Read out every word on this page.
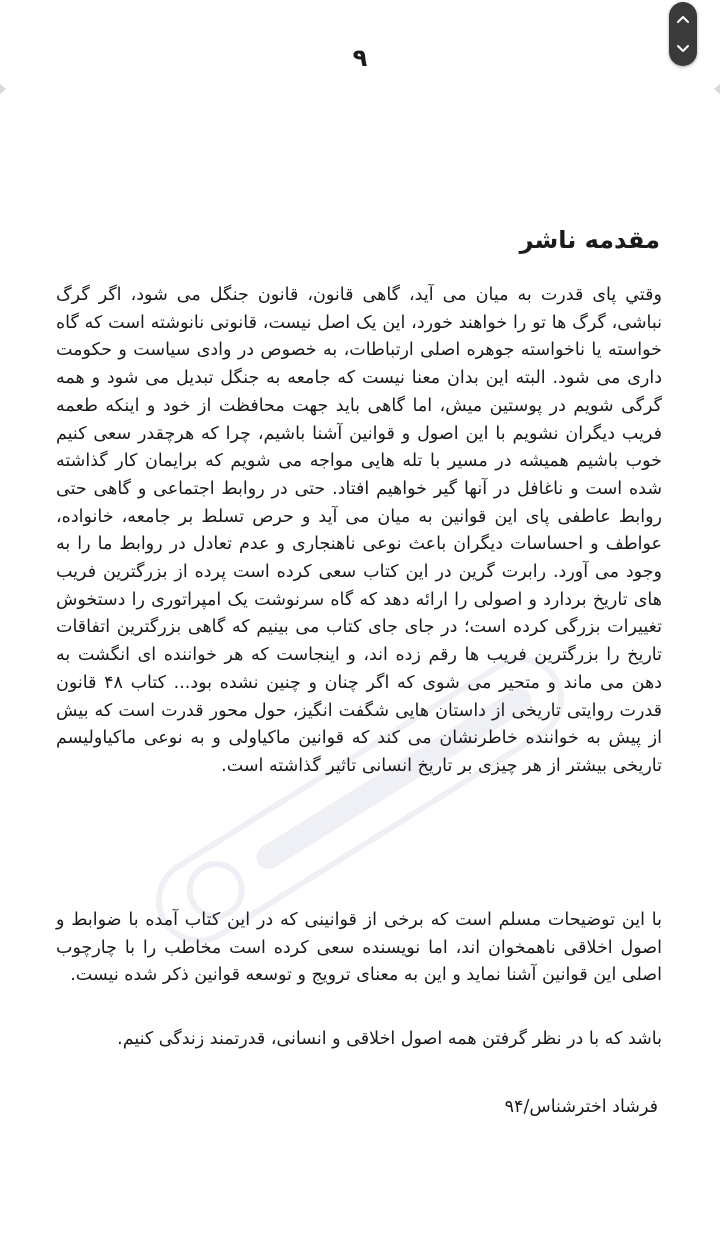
۹
مقدمه ناشر

وقتي پاى قدرت به ميان مى آيد، گاهى قانون، قانون جنگل مى شود، اگر گرگ نباشى، گرگ ها تو را خواهند خورد، اين يک اصل نيست، قانونى نانوشته است كه گاه خواسته يا ناخواسته جوهره اصلى ارتباطات، به خصوص در وادى سياست و حكومت دارى مى شود. البته اين بدان معنا نيست كه جامعه به جنگل تبديل مى شود و همه گرگى شويم در پوستين ميش، اما گاهى بايد جهت محافظت از خود و اينكه طعمه فريب ديگران نشويم با اين اصول و قوانين آشنا باشيم، چرا كه هرچقدر سعى كنيم خوب باشيم هميشه در مسير با تله هايى مواجه مى شويم كه برايمان كار گذاشته شده است و ناغافل در آنها گير خواهيم افتاد. حتى در روابط اجتماعى و گاهى حتى روابط عاطفى پاى اين قوانين به ميان مى آيد و حرص تسلط بر جامعه، خانواده، عواطف و احساسات ديگران باعث نوعى ناهنجارى و عدم تعادل در روابط ما را به وجود مى آورد. رابرت گرين در اين كتاب سعى كرده است پرده از بزرگترين فريب هاى تاريخ بردارد و اصولى را ارائه دهد كه گاه سرنوشت يک امپراتورى را دستخوش تغييرات بزرگى كرده است؛ در جاى جاى كتاب مى بينيم كه گاهى بزرگترين اتفاقات تاريخ را بزرگترين فريب ها رقم زده اند، و اينجاست كه هر خواننده اى انگشت به دهن مى ماند و متحير مى شوى كه اگر چنان و چنين نشده بود... كتاب ۴۸ قانون قدرت روايتى تاريخى از داستان هايى شگفت انگيز، حول محور قدرت است كه بيش از پيش به خواننده خاطرنشان مى كند كه قوانين ماكياولى و به نوعى ماكياوليسم تاريخى بيشتر از هر چيزى بر تاريخ انسانى تاثير گذاشته است.

با اين توضيحات مسلم است كه برخى از قوانينى كه در اين كتاب آمده با ضوابط و اصول اخلاقى ناهمخوان اند، اما نويسنده سعى كرده است مخاطب را با چارچوب اصلى اين قوانين آشنا نمايد و اين به معناى ترويج و توسعه قوانين ذكر شده نيست.

باشد كه با در نظر گرفتن همه اصول اخلاقى و انسانى، قدرتمند زندگى كنيم.

فرشاد اخترشناس/۹۴
